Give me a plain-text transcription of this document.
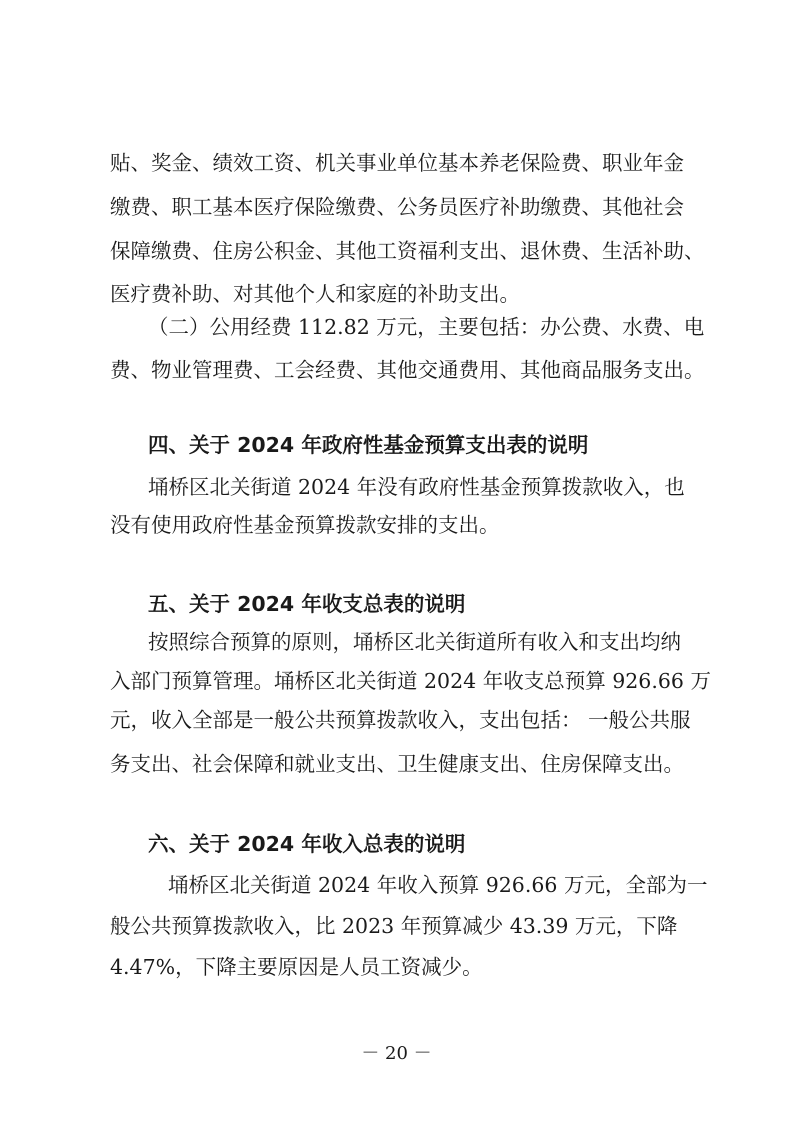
贴、奖金、绩效工资、机关事业单位基本养老保险费、职业年金
缴费、职工基本医疗保险缴费、公务员医疗补助缴费、其他社会
保障缴费、住房公积金、其他工资福利支出、退休费、生活补助、
医疗费补助、对其他个人和家庭的补助支出。
（二）公用经费 112.82 万元，主要包括：办公费、水费、电
费、物业管理费、工会经费、其他交通费用、其他商品服务支出。
四、关于 2024 年政府性基金预算支出表的说明
埇桥区北关街道 2024 年没有政府性基金预算拨款收入，也
没有使用政府性基金预算拨款安排的支出。
五、关于 2024 年收支总表的说明
按照综合预算的原则，埇桥区北关街道所有收入和支出均纳
入部门预算管理。埇桥区北关街道 2024 年收支总预算 926.66 万
元，收入全部是一般公共预算拨款收入，支出包括： 一般公共服
务支出、社会保障和就业支出、卫生健康支出、住房保障支出。
六、关于 2024 年收入总表的说明
埇桥区北关街道 2024 年收入预算 926.66 万元，全部为一
般公共预算拨款收入，比 2023 年预算减少 43.39 万元，下降
4.47%，下降主要原因是人员工资减少。
－ 20 －
